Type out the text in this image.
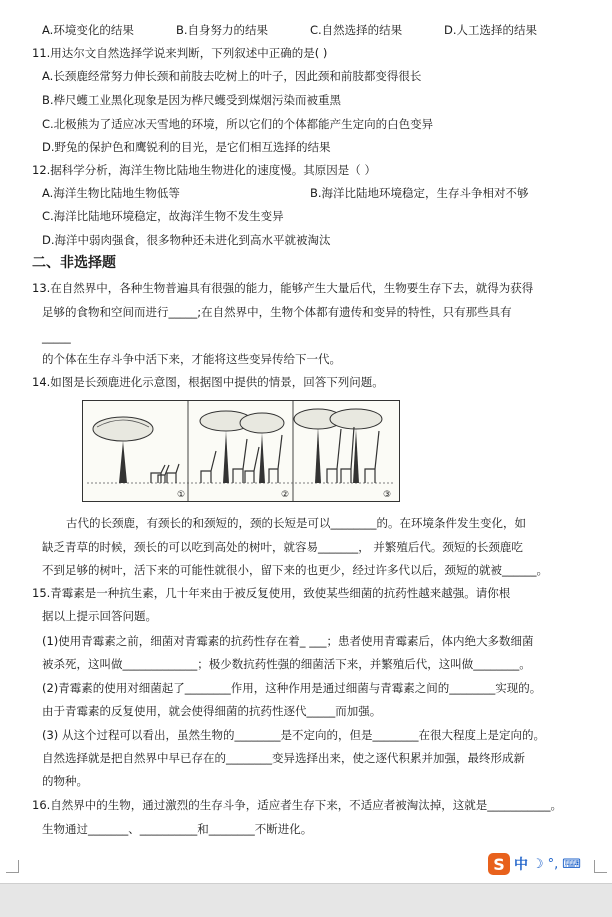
A.环境变化的结果	B.自身努力的结果	C.自然选择的结果	D.人工选择的结果
11.用达尔文自然选择学说来判断，下列叙述中正确的是( )
A.长颈鹿经常努力伸长颈和前肢去吃树上的叶子，因此颈和前肢都变得很长
B.桦尺蠖工业黑化现象是因为桦尺蠖受到煤烟污染而被重黑
C.北极熊为了适应冰天雪地的环境，所以它们的个体都能产生定向的白色变异
D.野兔的保护色和鹰锐利的目光，是它们相互选择的结果
12.据科学分析，海洋生物比陆地生物进化的速度慢。其原因是（ ）
A.海洋生物比陆地生物低等	B.海洋比陆地环境稳定，生存斗争相对不够
C.海洋比陆地环境稳定，故海洋生物不发生变异
D.海洋中弱肉强食，很多物种还未进化到高水平就被淘汰
二、非选择题
13.在自然界中，各种生物普遍具有很强的能力，能够产生大量后代，生物要生存下去，就得为获得
足够的食物和空间而进行_____;在自然界中，生物个体都有遗传和变异的特性，只有那些具有
_____
的个体在生存斗争中活下来，才能将这些变异传给下一代。
14.如图是长颈鹿进化示意图，根据图中提供的情景，回答下列问题。
①	②	③
古代的长颈鹿，有颈长的和颈短的，颈的长短是可以________的。在环境条件发生变化，如
缺乏青草的时候，颈长的可以吃到高处的树叶，就容易_______， 并繁殖后代。颈短的长颈鹿吃
不到足够的树叶，活下来的可能性就很小，留下来的也更少，经过许多代以后，颈短的就被______。
15.青霉素是一种抗生素，几十年来由于被反复使用，致使某些细菌的抗药性越来越强。请你根
据以上提示回答问题。
(1)使用青霉素之前，细菌对青霉素的抗药性存在着_ ___；患者使用青霉素后，体内绝大多数细菌
被杀死，这叫做_____________；极少数抗药性强的细菌活下来，并繁殖后代，这叫做________。
(2)青霉素的使用对细菌起了________作用，这种作用是通过细菌与青霉素之间的________实现的。
由于青霉素的反复使用，就会使得细菌的抗药性逐代_____而加强。
(3) 从这个过程可以看出，虽然生物的________是不定向的，但是________在很大程度上是定向的。
自然选择就是把自然界中早已存在的________变异选择出来，使之逐代积累并加强，最终形成新
的物种。
16.自然界中的生物，通过激烈的生存斗争，适应者生存下来，不适应者被淘汰掉，这就是___________。
生物通过_______、__________和________不断进化。
S 中 ☽ °, ⌨
